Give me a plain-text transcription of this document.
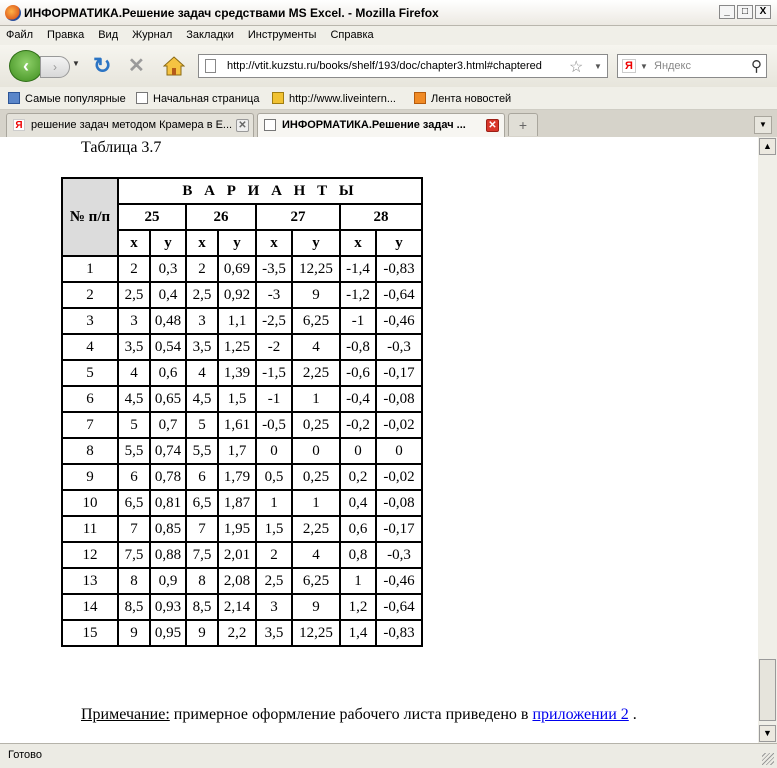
ИНФОРМАТИКА.Решение задач средствами MS Excel. - Mozilla Firefox	_	□	X
Файл	Правка	Вид	Журнал	Закладки	Инструменты	Справка
‹	›	▼ ↻ ✕	http://vtit.kuzstu.ru/books/shelf/193/doc/chapter3.html#chaptered ☆ ▼ Я ▼ Яндекс	⚲
Самые популярные	Начальная страница	http://www.liveintern...	Лента новостей
Я решение задач методом Крамера в Е... ✕	ИНФОРМАТИКА.Решение задач ... ✕	+	▼
Таблица 3.7
№ п/п	В А Р И А Н Т Ы							
	25		26		27		28	
	x	y	x	y	x	y	x	y
1	2	0,3	2	0,69	-3,5	12,25	-1,4	-0,83
2	2,5	0,4	2,5	0,92	-3	9	-1,2	-0,64
3	3	0,48	3	1,1	-2,5	6,25	-1	-0,46
4	3,5	0,54	3,5	1,25	-2	4	-0,8	-0,3
5	4	0,6	4	1,39	-1,5	2,25	-0,6	-0,17
6	4,5	0,65	4,5	1,5	-1	1	-0,4	-0,08
7	5	0,7	5	1,61	-0,5	0,25	-0,2	-0,02
8	5,5	0,74	5,5	1,7	0	0	0	0
9	6	0,78	6	1,79	0,5	0,25	0,2	-0,02
10	6,5	0,81	6,5	1,87	1	1	0,4	-0,08
11	7	0,85	7	1,95	1,5	2,25	0,6	-0,17
12	7,5	0,88	7,5	2,01	2	4	0,8	-0,3
13	8	0,9	8	2,08	2,5	6,25	1	-0,46
14	8,5	0,93	8,5	2,14	3	9	1,2	-0,64
15	9	0,95	9	2,2	3,5	12,25	1,4	-0,83
Примечание: примерное оформление рабочего листа приведено в приложении 2 .
▲
▼
Готово
